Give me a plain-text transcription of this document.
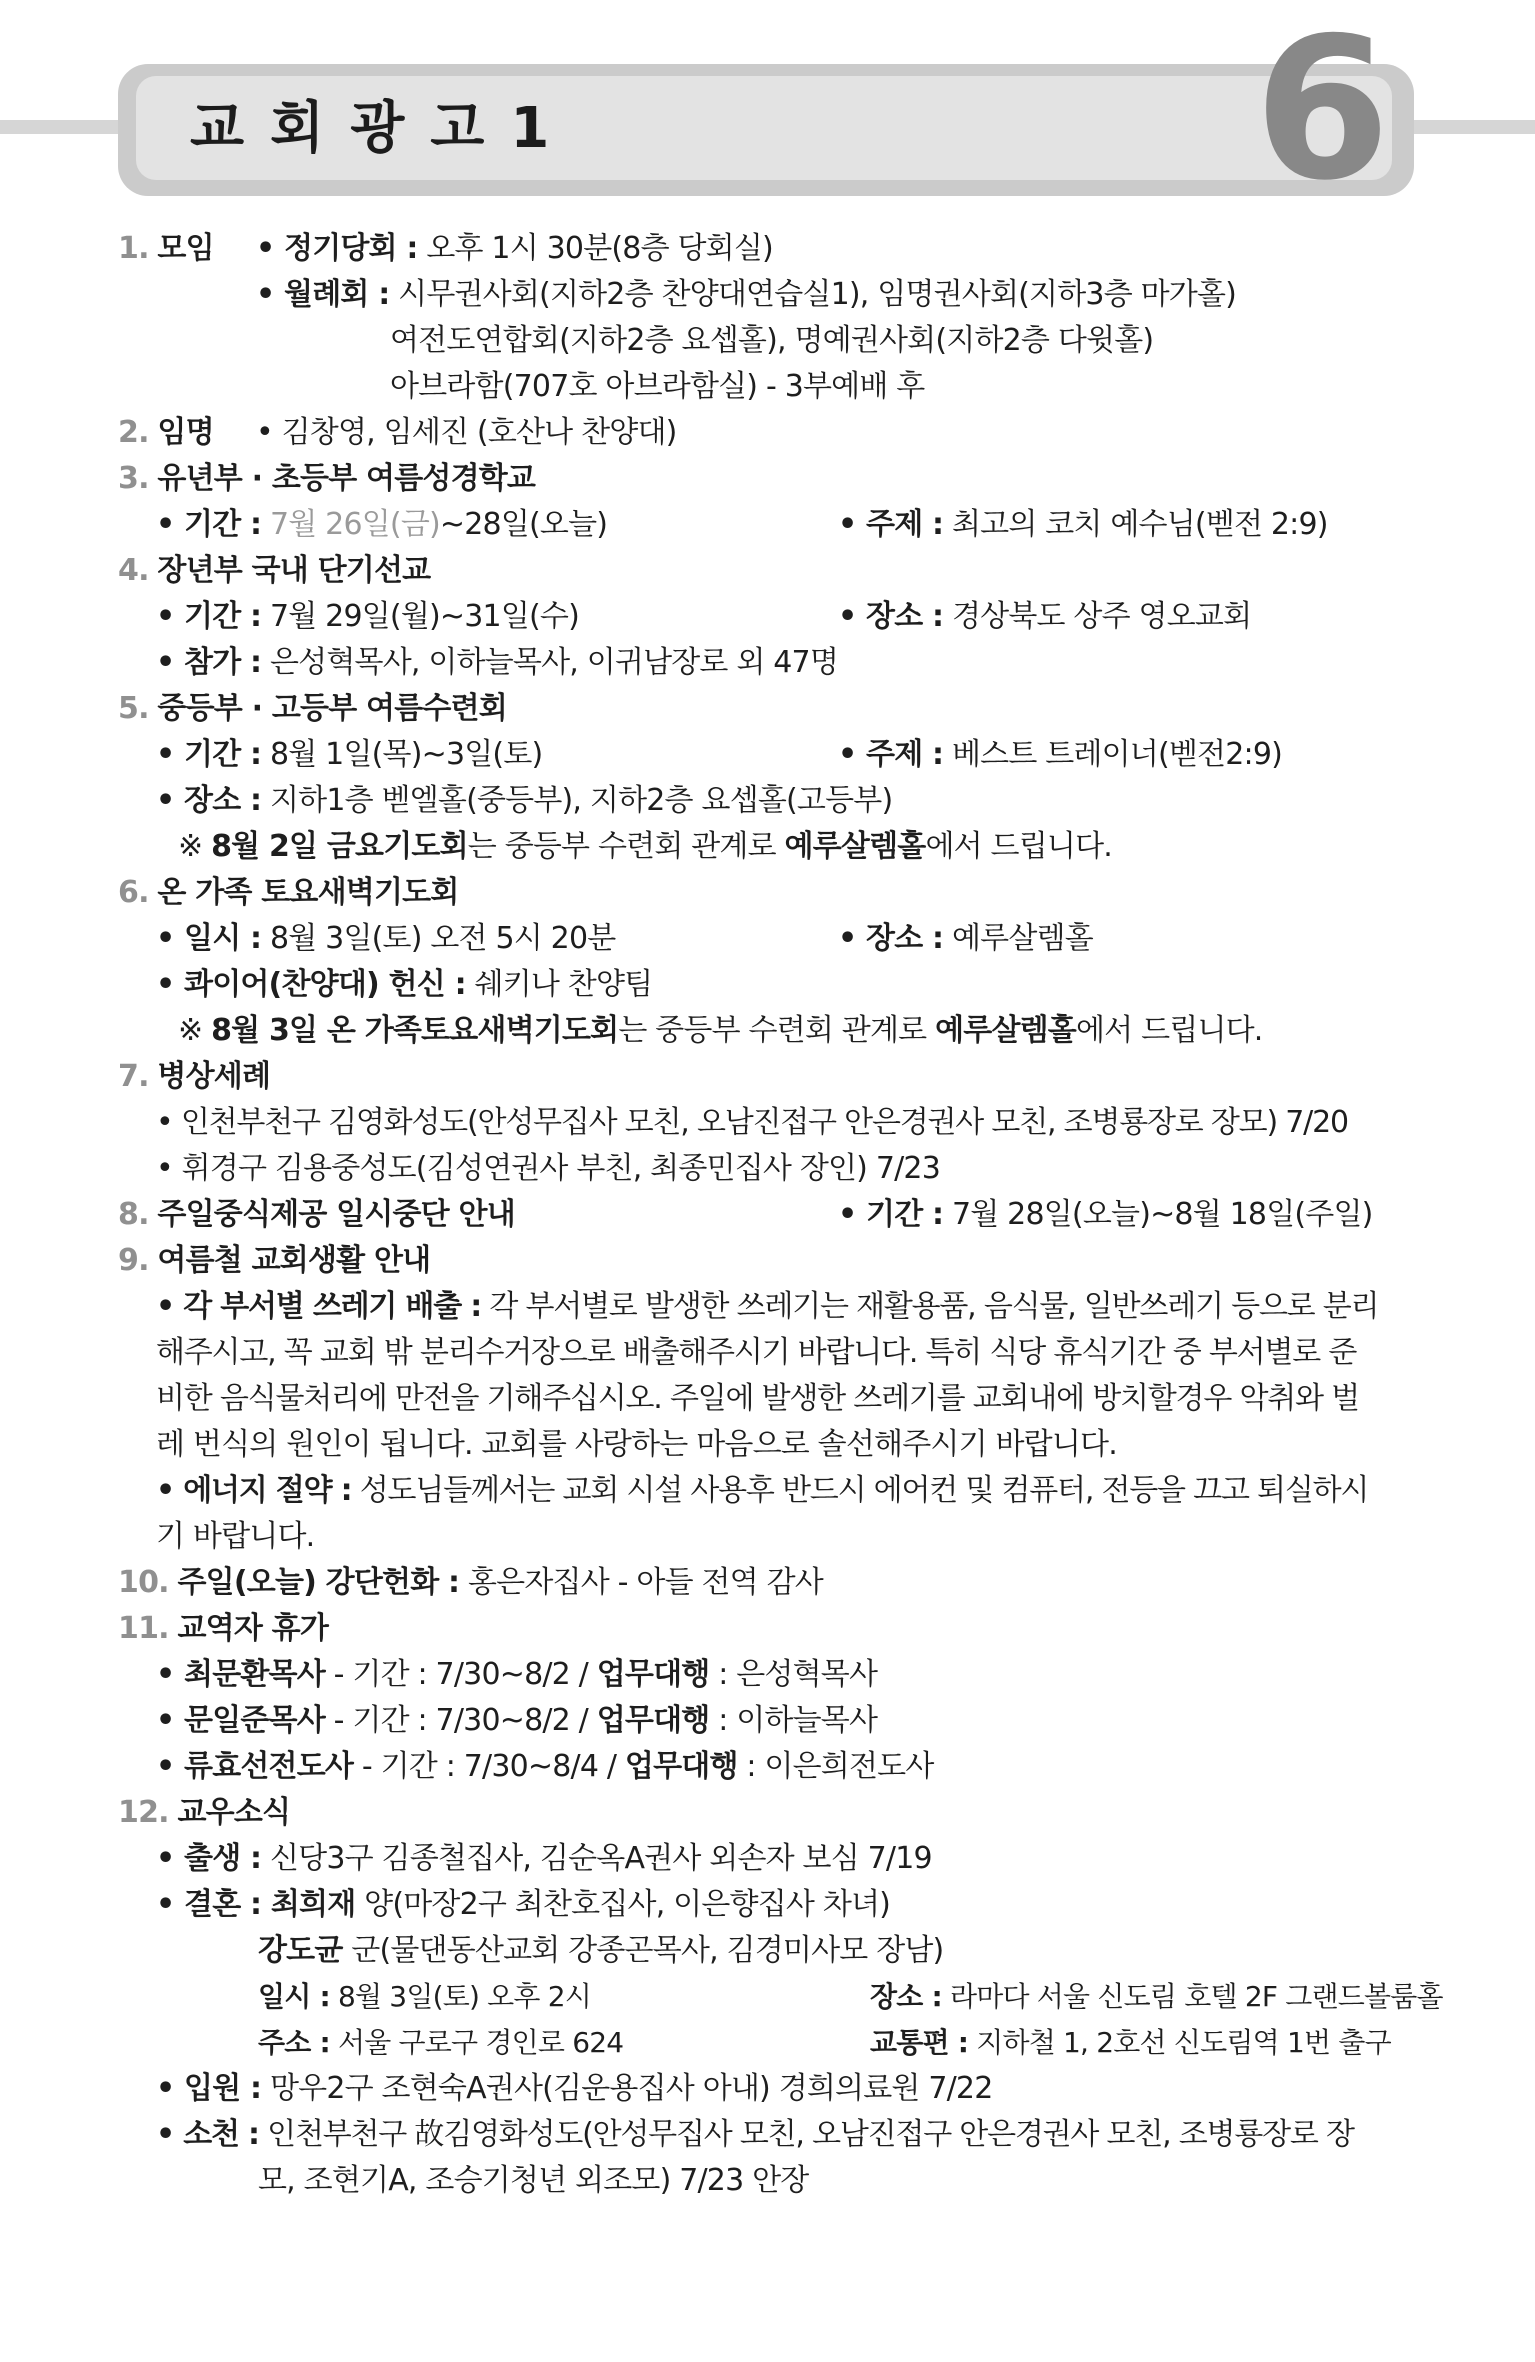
교회광고1	6
1. 모임 • 정기당회 : 오후 1시 30분(8층 당회실)
• 월례회 : 시무권사회(지하2층 찬양대연습실1), 임명권사회(지하3층 마가홀)
여전도연합회(지하2층 요셉홀), 명예권사회(지하2층 다윗홀)
아브라함(707호 아브라함실) - 3부예배 후
2. 임명 • 김창영, 임세진 (호산나 찬양대)
3. 유년부 · 초등부 여름성경학교
• 기간 : 7월 26일(금)~28일(오늘)	• 주제 : 최고의 코치 예수님(벧전 2:9)
4. 장년부 국내 단기선교
• 기간 : 7월 29일(월)~31일(수)	• 장소 : 경상북도 상주 영오교회
• 참가 : 은성혁목사, 이하늘목사, 이귀남장로 외 47명
5. 중등부 · 고등부 여름수련회
• 기간 : 8월 1일(목)~3일(토)	• 주제 : 베스트 트레이너(벧전2:9)
• 장소 : 지하1층 벧엘홀(중등부), 지하2층 요셉홀(고등부)
※ 8월 2일 금요기도회는 중등부 수련회 관계로 예루살렘홀에서 드립니다.
6. 온 가족 토요새벽기도회
• 일시 : 8월 3일(토) 오전 5시 20분	• 장소 : 예루살렘홀
• 콰이어(찬양대) 헌신 : 쉐키나 찬양팀
※ 8월 3일 온 가족토요새벽기도회는 중등부 수련회 관계로 예루살렘홀에서 드립니다.
7. 병상세례
• 인천부천구 김영화성도(안성무집사 모친, 오남진접구 안은경권사 모친, 조병룡장로 장모) 7/20
• 휘경구 김용중성도(김성연권사 부친, 최종민집사 장인) 7/23
8. 주일중식제공 일시중단 안내	• 기간 : 7월 28일(오늘)~8월 18일(주일)
9. 여름철 교회생활 안내
• 각 부서별 쓰레기 배출 : 각 부서별로 발생한 쓰레기는 재활용품, 음식물, 일반쓰레기 등으로 분리
해주시고, 꼭 교회 밖 분리수거장으로 배출해주시기 바랍니다. 특히 식당 휴식기간 중 부서별로 준
비한 음식물처리에 만전을 기해주십시오. 주일에 발생한 쓰레기를 교회내에 방치할경우 악취와 벌
레 번식의 원인이 됩니다. 교회를 사랑하는 마음으로 솔선해주시기 바랍니다.
• 에너지 절약 : 성도님들께서는 교회 시설 사용후 반드시 에어컨 및 컴퓨터, 전등을 끄고 퇴실하시
기 바랍니다.
10. 주일(오늘) 강단헌화 : 홍은자집사 - 아들 전역 감사
11. 교역자 휴가
• 최문환목사 - 기간 : 7/30~8/2 / 업무대행 : 은성혁목사
• 문일준목사 - 기간 : 7/30~8/2 / 업무대행 : 이하늘목사
• 류효선전도사 - 기간 : 7/30~8/4 / 업무대행 : 이은희전도사
12. 교우소식
• 출생 : 신당3구 김종철집사, 김순옥A권사 외손자 보심 7/19
• 결혼 : 최희재 양(마장2구 최찬호집사, 이은향집사 차녀)
강도균 군(물댄동산교회 강종곤목사, 김경미사모 장남)
일시 : 8월 3일(토) 오후 2시	장소 : 라마다 서울 신도림 호텔 2F 그랜드볼룸홀
주소 : 서울 구로구 경인로 624	교통편 : 지하철 1, 2호선 신도림역 1번 출구
• 입원 : 망우2구 조현숙A권사(김운용집사 아내) 경희의료원 7/22
• 소천 : 인천부천구 故김영화성도(안성무집사 모친, 오남진접구 안은경권사 모친, 조병룡장로 장
모, 조현기A, 조승기청년 외조모) 7/23 안장
